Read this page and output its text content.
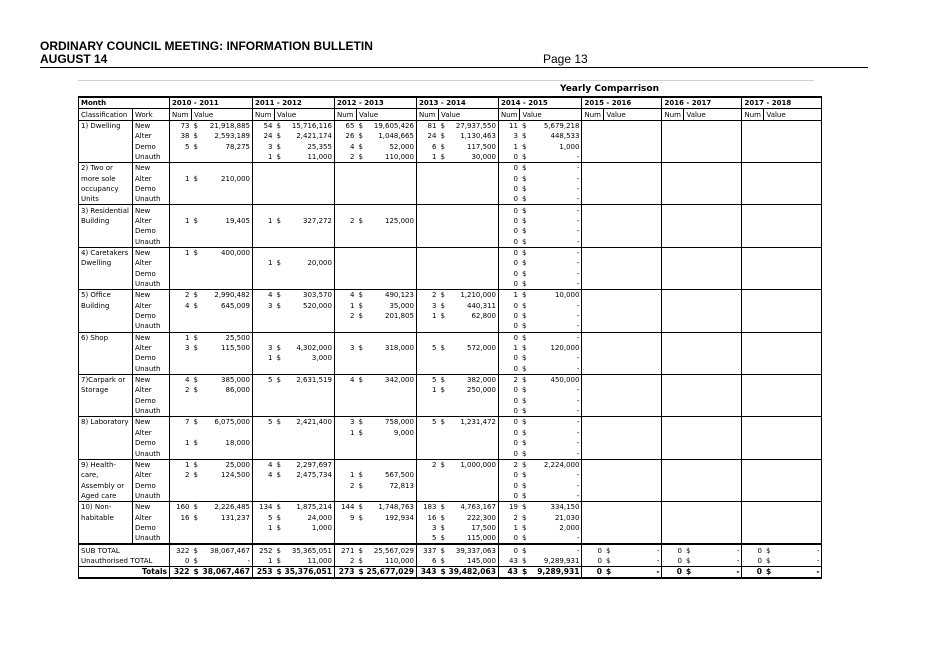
ORDINARY COUNCIL MEETING: INFORMATION BULLETIN
AUGUST 14	Page 13
Yearly Comparrison
Month		2010 - 2011			2011 - 2012			2012 - 2013			2013 - 2014			2014 - 2015			2015 - 2016			2016 - 2017			2017 - 2018		
Classification	Work	Num	Value		Num	Value		Num	Value		Num	Value		Num	Value		Num	Value		Num	Value		Num	Value	
1) Dwelling	New	73	$	21,918,885	54	$	15,716,116	65	$	19,605,426	81	$	27,937,550	11	$	5,679,218									
	Alter	38	$	2,593,189	24	$	2,421,174	26	$	1,048,665	24	$	1,130,463	3	$	448,533									
	Demo	5	$	78,275	3	$	25,355	4	$	52,000	6	$	117,500	1	$	1,000									
	Unauth				1	$	11,000	2	$	110,000	1	$	30,000	0	$	-									
2) Two or	New													0	$	-									
more sole	Alter	1	$	210,000										0	$	-									
occupancy	Demo													0	$	-									
Units	Unauth													0	$	-									
3) Residential	New													0	$	-									
Building	Alter	1	$	19,405	1	$	327,272	2	$	125,000				0	$	-									
	Demo													0	$	-									
	Unauth													0	$	-									
4) Caretakers	New	1	$	400,000										0	$	-									
Dwelling	Alter				1	$	20,000							0	$	-									
	Demo													0	$	-									
	Unauth													0	$	-									
5) Office	New	2	$	2,990,482	4	$	303,570	4	$	490,123	2	$	1,210,000	1	$	10,000									
Building	Alter	4	$	645,009	3	$	520,000	1	$	35,000	3	$	440,311	0	$	-									
	Demo							2	$	201,805	1	$	62,800	0	$	-									
	Unauth													0	$	-									
6) Shop	New	1	$	25,500										0	$	-									
	Alter	3	$	115,500	3	$	4,302,000	3	$	318,000	5	$	572,000	1	$	120,000									
	Demo				1	$	3,000							0	$	-									
	Unauth													0	$	-									
7)Carpark or	New	4	$	385,000	5	$	2,631,519	4	$	342,000	5	$	382,000	2	$	450,000									
Storage	Alter	2	$	86,000							1	$	250,000	0	$	-									
	Demo													0	$	-									
	Unauth													0	$	-									
8) Laboratory	New	7	$	6,075,000	5	$	2,421,400	3	$	758,000	5	$	1,231,472	0	$	-									
	Alter							1	$	9,000				0	$	-									
	Demo	1	$	18,000										0	$	-									
	Unauth													0	$	-									
9) Health-	New	1	$	25,000	4	$	2,297,697				2	$	1,000,000	2	$	2,224,000									
care,	Alter	2	$	124,500	4	$	2,475,734	1	$	567,500				0	$	-									
Assembly or	Demo							2	$	72,813				0	$	-									
Aged care	Unauth													0	$	-									
10) Non-	New	160	$	2,226,485	134	$	1,875,214	144	$	1,748,763	183	$	4,763,167	19	$	334,150									
habitable	Alter	16	$	131,237	5	$	24,000	9	$	192,934	16	$	222,300	2	$	21,030									
	Demo				1	$	1,000				3	$	17,500	1	$	2,000									
	Unauth										5	$	115,000	0	$	-									
SUB TOTAL		322	$	38,067,467	252	$	35,365,051	271	$	25,567,029	337	$	39,337,063	0	$	-	0	$	-	0	$	-	0	$	-
Unauthorised TOTAL		0	$	-	1	$	11,000	2	$	110,000	6	$	145,000	43	$	9,289,931	0	$	-	0	$	-	0	$	-
Totals		322	$	38,067,467	253	$	35,376,051	273	$	25,677,029	343	$	39,482,063	43	$	9,289,931	0	$	-	0	$	-	0	$	-
